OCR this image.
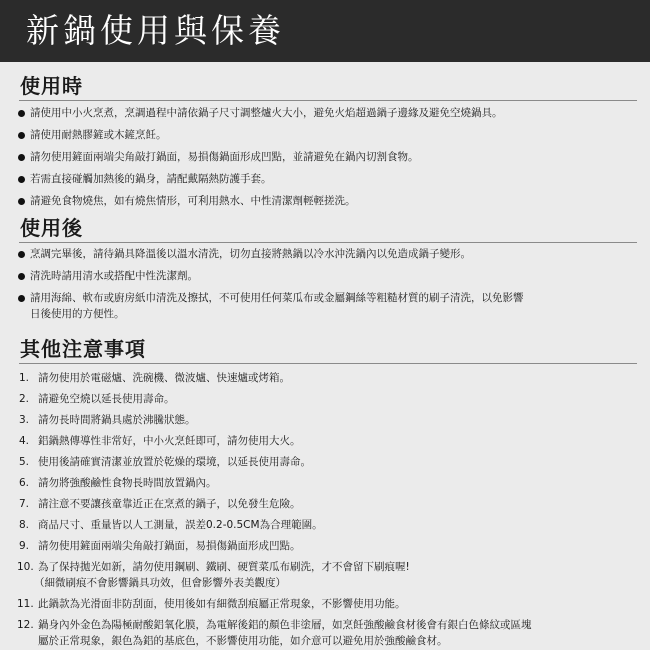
新鍋使用與保養
使用時
請使用中小火烹煮，烹調過程中請依鍋子尺寸調整爐火大小，避免火焰超過鍋子邊緣及避免空燒鍋具。
請使用耐熱膠鏟或木鏟烹飪。
請勿使用鏟面兩端尖角敲打鍋面，易損傷鍋面形成凹點，並請避免在鍋內切割食物。
若需直接碰觸加熱後的鍋身，請配戴隔熱防護手套。
請避免食物燒焦，如有燒焦情形，可利用熱水、中性清潔劑輕輕搓洗。
使用後
烹調完畢後，請待鍋具降溫後以溫水清洗，切勿直接將熱鍋以冷水沖洗鍋內以免造成鍋子變形。
清洗時請用清水或搭配中性洗潔劑。
請用海綿、軟布或廚房紙巾清洗及擦拭，不可使用任何菜瓜布或金屬鋼絲等粗糙材質的刷子清洗，以免影響
日後使用的方便性。
其他注意事項
1. 請勿使用於電磁爐、洗碗機、微波爐、快速爐或烤箱。
2. 請避免空燒以延長使用壽命。
3. 請勿長時間將鍋具處於沸騰狀態。
4. 鋁鍋熱傳導性非常好，中小火烹飪即可，請勿使用大火。
5. 使用後請確實清潔並放置於乾燥的環境，以延長使用壽命。
6. 請勿將強酸鹼性食物長時間放置鍋內。
7. 請注意不要讓孩童靠近正在烹煮的鍋子，以免發生危險。
8. 商品尺寸、重量皆以人工測量，誤差0.2-0.5CM為合理範圍。
9. 請勿使用鏟面兩端尖角敲打鍋面，易損傷鍋面形成凹點。
10. 為了保持拋光如新，請勿使用鋼刷、鐵刷、硬質菜瓜布刷洗，才不會留下刷痕喔!
（細微刷痕不會影響鍋具功效，但會影響外表美觀度）
11. 此鍋款為光滑面非防刮面，使用後如有細微刮痕屬正常現象，不影響使用功能。
12. 鍋身內外金色為陽極耐酸鋁氧化膜，為電解後鋁的顏色非塗層，如烹飪強酸鹼食材後會有銀白色條紋或區塊
屬於正常現象，銀色為鋁的基底色，不影響使用功能，如介意可以避免用於強酸鹼食材。
